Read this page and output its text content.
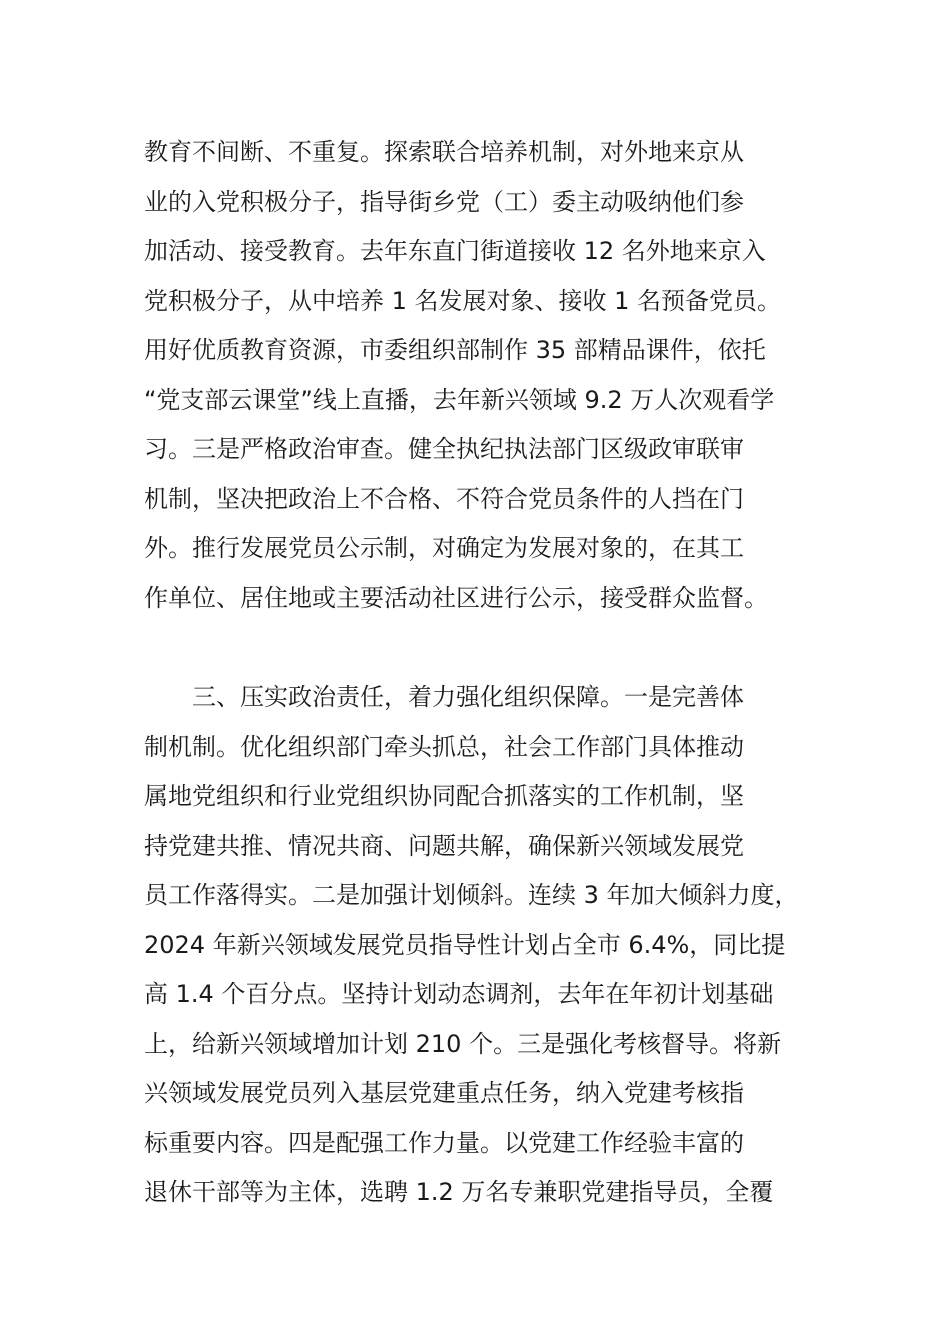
教育不间断、不重复。探索联合培养机制，对外地来京从
业的入党积极分子，指导街乡党（工）委主动吸纳他们参
加活动、接受教育。去年东直门街道接收 12 名外地来京入
党积极分子，从中培养 1 名发展对象、接收 1 名预备党员。
用好优质教育资源，市委组织部制作 35 部精品课件，依托
“党支部云课堂”线上直播，去年新兴领域 9.2 万人次观看学
习。三是严格政治审查。健全执纪执法部门区级政审联审
机制，坚决把政治上不合格、不符合党员条件的人挡在门
外。推行发展党员公示制，对确定为发展对象的，在其工
作单位、居住地或主要活动社区进行公示，接受群众监督。
三、压实政治责任，着力强化组织保障。一是完善体
制机制。优化组织部门牵头抓总，社会工作部门具体推动
属地党组织和行业党组织协同配合抓落实的工作机制，坚
持党建共推、情况共商、问题共解，确保新兴领域发展党
员工作落得实。二是加强计划倾斜。连续 3 年加大倾斜力度，
2024 年新兴领域发展党员指导性计划占全市 6.4%，同比提
高 1.4 个百分点。坚持计划动态调剂，去年在年初计划基础
上，给新兴领域增加计划 210 个。三是强化考核督导。将新
兴领域发展党员列入基层党建重点任务，纳入党建考核指
标重要内容。四是配强工作力量。以党建工作经验丰富的
退休干部等为主体，选聘 1.2 万名专兼职党建指导员，全覆
